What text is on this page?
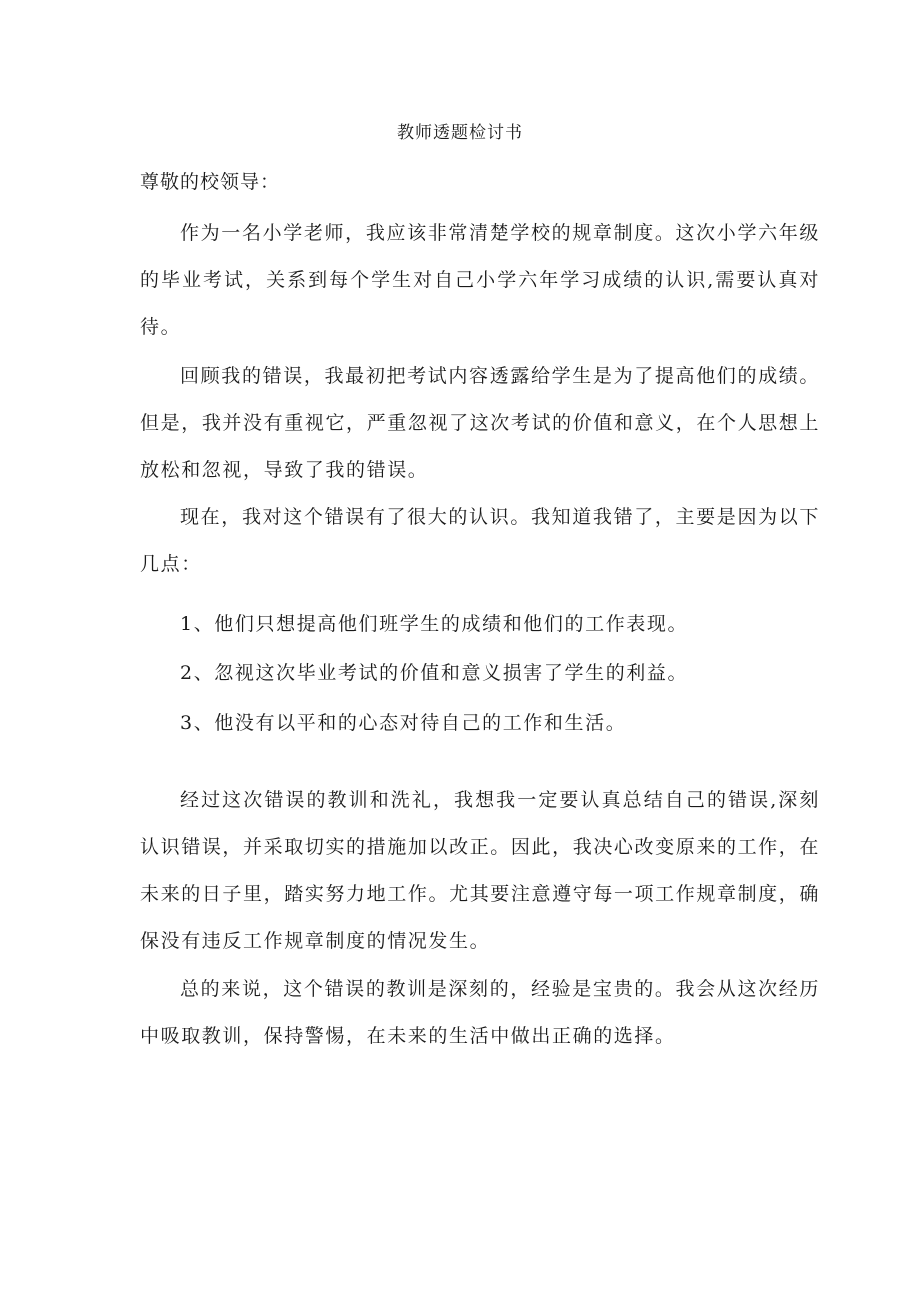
教师透题检讨书
尊敬的校领导：

作为一名小学老师，我应该非常清楚学校的规章制度。这次小学六年级的毕业考试，关系到每个学生对自己小学六年学习成绩的认识,需要认真对待。

回顾我的错误，我最初把考试内容透露给学生是为了提高他们的成绩。但是，我并没有重视它，严重忽视了这次考试的价值和意义，在个人思想上放松和忽视，导致了我的错误。

现在，我对这个错误有了很大的认识。我知道我错了，主要是因为以下几点：

1、他们只想提高他们班学生的成绩和他们的工作表现。

2、忽视这次毕业考试的价值和意义损害了学生的利益。

3、他没有以平和的心态对待自己的工作和生活。

经过这次错误的教训和洗礼，我想我一定要认真总结自己的错误,深刻认识错误，并采取切实的措施加以改正。因此，我决心改变原来的工作，在未来的日子里，踏实努力地工作。尤其要注意遵守每一项工作规章制度，确保没有违反工作规章制度的情况发生。

总的来说，这个错误的教训是深刻的，经验是宝贵的。我会从这次经历中吸取教训，保持警惕，在未来的生活中做出正确的选择。
